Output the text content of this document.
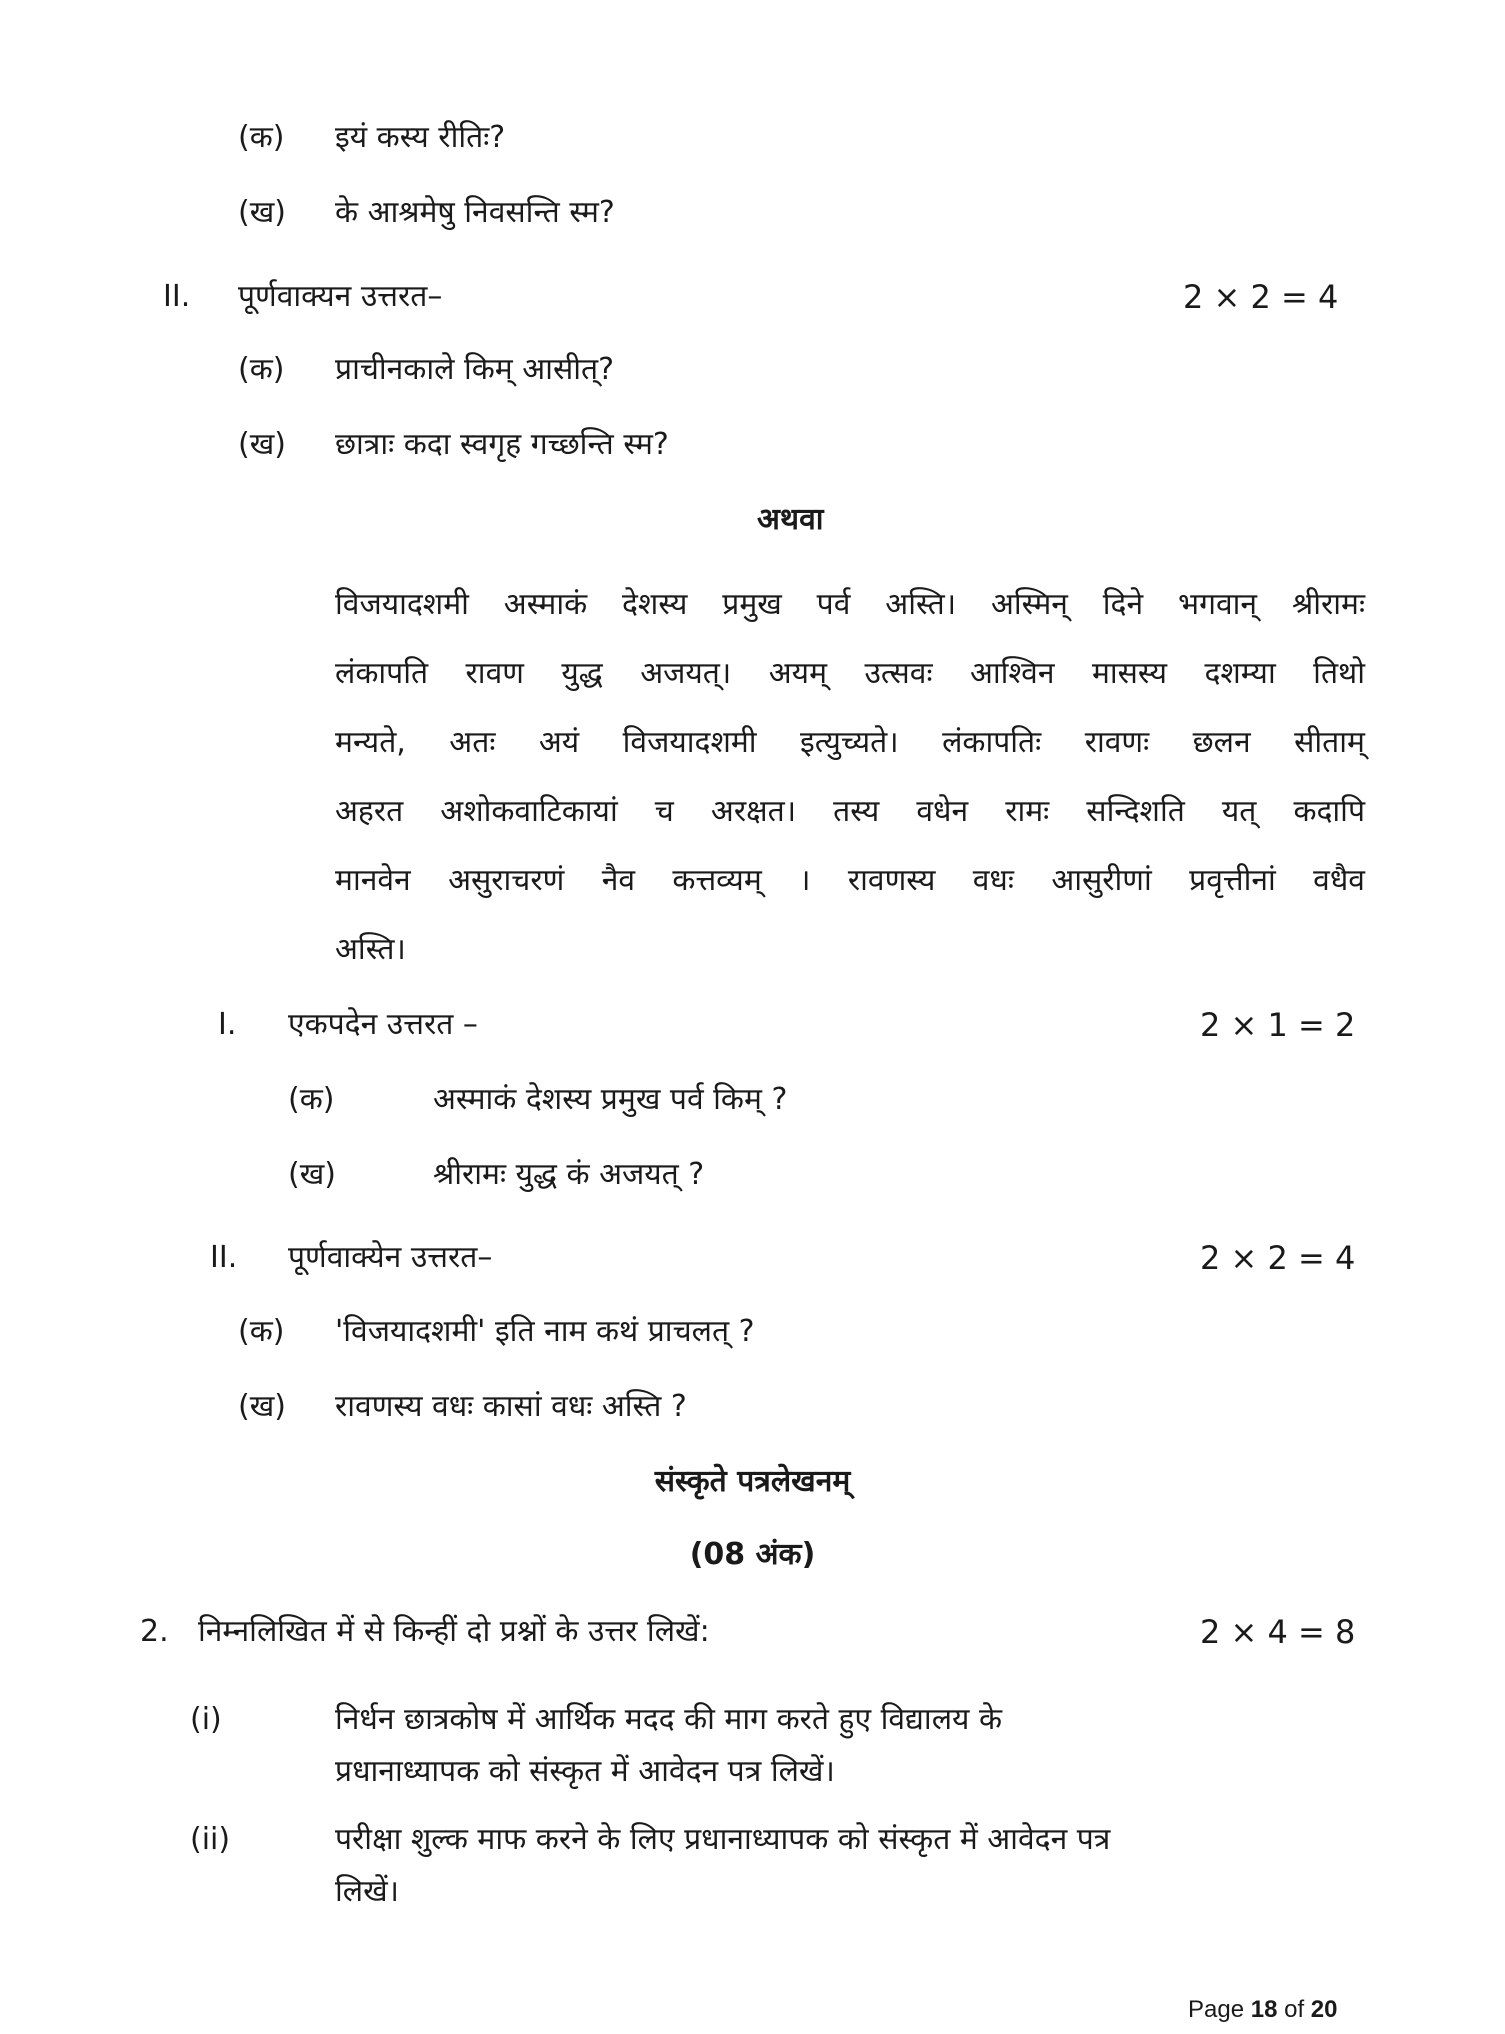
(क) इयं कस्य रीतिः?
(ख) के आश्रमेषु निवसन्ति स्म?
II. पूर्णवाक्यन उत्तरत–	2 × 2 = 4
(क) प्राचीनकाले किम् आसीत्?
(ख) छात्राः कदा स्वगृह गच्छन्ति स्म?
अथवा
विजयादशमी अस्माकं देशस्य प्रमुख पर्व अस्ति। अस्मिन् दिने भगवान् श्रीरामः
लंकापति रावण युद्ध अजयत्। अयम् उत्सवः आश्विन मासस्य दशम्या तिथो
मन्यते, अतः अयं विजयादशमी इत्युच्यते। लंकापतिः रावणः छलन सीताम्
अहरत अशोकवाटिकायां च अरक्षत। तस्य वधेन रामः सन्दिशति यत् कदापि
मानवेन असुराचरणं नैव कत्तव्यम् । रावणस्य वधः आसुरीणां प्रवृत्तीनां वधैव
अस्ति।
I. एकपदेन उत्तरत –	2 × 1 = 2
(क)	अस्माकं देशस्य प्रमुख पर्व किम् ?
(ख)	श्रीरामः युद्ध कं अजयत् ?
II. पूर्णवाक्येन उत्तरत–	2 × 2 = 4
(क) 'विजयादशमी' इति नाम कथं प्राचलत् ?
(ख) रावणस्य वधः कासां वधः अस्ति ?
संस्कृते पत्रलेखनम्
(08 अंक)
2. निम्नलिखित में से किन्हीं दो प्रश्नों के उत्तर लिखें:	2 × 4 = 8
(i)	निर्धन छात्रकोष में आर्थिक मदद की माग करते हुए विद्यालय के
प्रधानाध्यापक को संस्कृत में आवेदन पत्र लिखें।
(ii)	परीक्षा शुल्क माफ करने के लिए प्रधानाध्यापक को संस्कृत में आवेदन पत्र
लिखें।
Page 18 of 20
